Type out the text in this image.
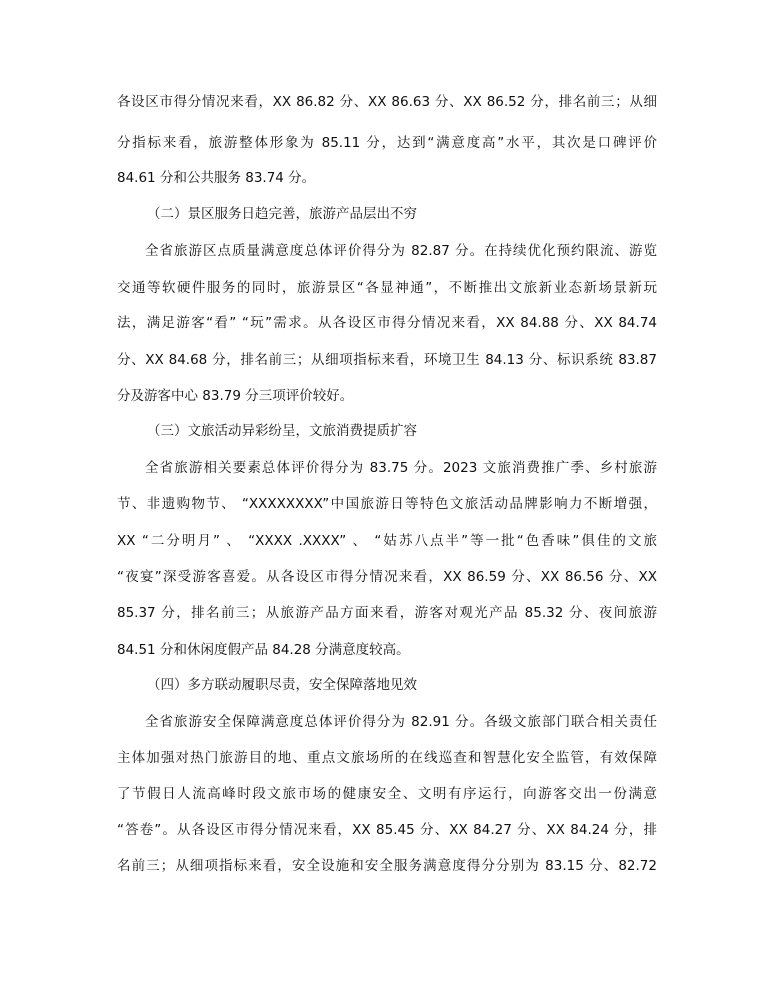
各设区市得分情况来看，XX 86.82 分、XX 86.63 分、XX 86.52 分，排名前三；从细
分指标来看，旅游整体形象为 85.11 分，达到“满意度高”水平，其次是口碑评价
84.61 分和公共服务 83.74 分。
（二）景区服务日趋完善，旅游产品层出不穷
全省旅游区点质量满意度总体评价得分为 82.87 分。在持续优化预约限流、游览
交通等软硬件服务的同时，旅游景区“各显神通”，不断推出文旅新业态新场景新玩
法，满足游客“看” “玩”需求。从各设区市得分情况来看，XX 84.88 分、XX 84.74
分、XX 84.68 分，排名前三；从细项指标来看，环境卫生 84.13 分、标识系统 83.87
分及游客中心 83.79 分三项评价较好。
（三）文旅活动异彩纷呈，文旅消费提质扩容
全省旅游相关要素总体评价得分为 83.75 分。2023 文旅消费推广季、乡村旅游
节、非遗购物节、 “XXXXXXXX”中国旅游日等特色文旅活动品牌影响力不断增强，
XX “二分明月” 、 “XXXX .XXXX” 、 “姑苏八点半”等一批“色香味”俱佳的文旅
“夜宴”深受游客喜爱。从各设区市得分情况来看，XX 86.59 分、XX 86.56 分、XX
85.37 分，排名前三；从旅游产品方面来看，游客对观光产品 85.32 分、夜间旅游
84.51 分和休闲度假产品 84.28 分满意度较高。
（四）多方联动履职尽责，安全保障落地见效
全省旅游安全保障满意度总体评价得分为 82.91 分。各级文旅部门联合相关责任
主体加强对热门旅游目的地、重点文旅场所的在线巡查和智慧化安全监管，有效保障
了节假日人流高峰时段文旅市场的健康安全、文明有序运行，向游客交出一份满意
“答卷”。从各设区市得分情况来看，XX 85.45 分、XX 84.27 分、XX 84.24 分，排
名前三；从细项指标来看，安全设施和安全服务满意度得分分别为 83.15 分、82.72
